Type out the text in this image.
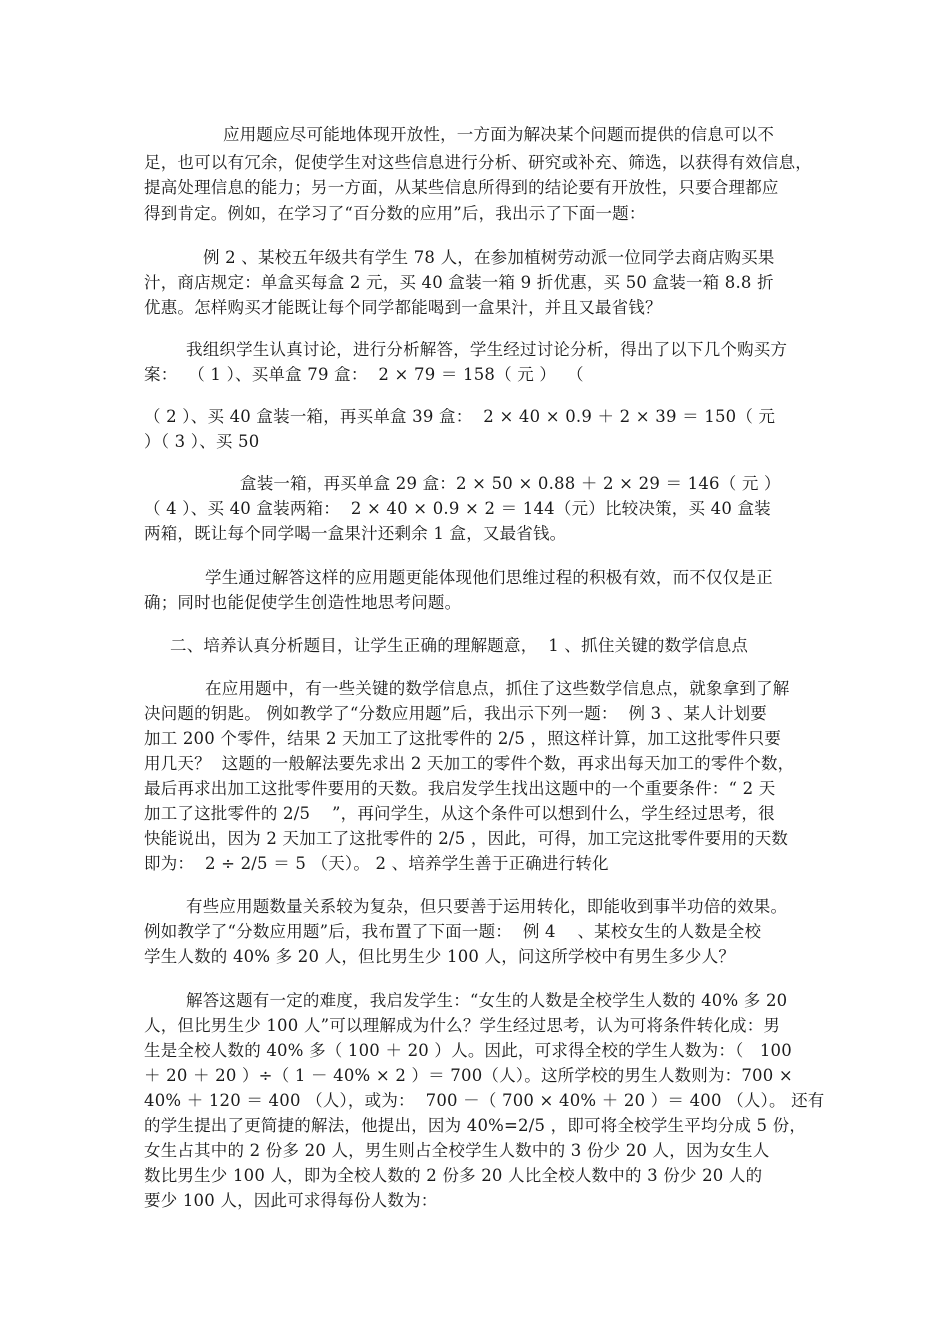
应用题应尽可能地体现开放性，一方面为解决某个问题而提供的信息可以不
足，也可以有冗余，促使学生对这些信息进行分析、研究或补充、筛选，以获得有效信息，
提高处理信息的能力；另一方面，从某些信息所得到的结论要有开放性，只要合理都应
得到肯定。例如，在学习了“百分数的应用”后，我出示了下面一题：
例 2 、某校五年级共有学生 78 人，在参加植树劳动派一位同学去商店购买果
汁，商店规定：单盒买每盒 2 元，买 40 盒装一箱 9 折优惠，买 50 盒装一箱 8.8 折
优惠。怎样购买才能既让每个同学都能喝到一盒果汁，并且又最省钱？
我组织学生认真讨论，进行分析解答，学生经过讨论分析，得出了以下几个购买方
案：  （ 1 ）、买单盒 79 盒：  2 × 79 ＝ 158（ 元 ）  （
（ 2 ）、买 40 盒装一箱，再买单盒 39 盒：  2 × 40 × 0.9 ＋ 2 × 39 ＝ 150（ 元
）（ 3 ）、买 50
盒装一箱，再买单盒 29 盒：2 × 50 × 0.88 ＋ 2 × 29 ＝ 146（ 元 ）
（ 4 ）、买 40 盒装两箱：  2 × 40 × 0.9 × 2 ＝ 144（元）比较决策，买 40 盒装
两箱，既让每个同学喝一盒果汁还剩余 1 盒，又最省钱。
学生通过解答这样的应用题更能体现他们思维过程的积极有效，而不仅仅是正
确；同时也能促使学生创造性地思考问题。
二、培养认真分析题目，让学生正确的理解题意，  1 、抓住关键的数学信息点
在应用题中，有一些关键的数学信息点，抓住了这些数学信息点，就象拿到了解
决问题的钥匙。 例如教学了“分数应用题”后，我出示下列一题：  例 3 、某人计划要
加工 200 个零件，结果 2 天加工了这批零件的 2/5 ，照这样计算，加工这批零件只要
用几天？  这题的一般解法要先求出 2 天加工的零件个数，再求出每天加工的零件个数，
最后再求出加工这批零件要用的天数。我启发学生找出这题中的一个重要条件：“ 2 天
加工了这批零件的 2/5    ”，再问学生，从这个条件可以想到什么，学生经过思考，很
快能说出，因为 2 天加工了这批零件的 2/5 ，因此，可得，加工完这批零件要用的天数
即为：  2 ÷ 2/5 ＝ 5 （天）。 2 、培养学生善于正确进行转化
有些应用题数量关系较为复杂，但只要善于运用转化，即能收到事半功倍的效果。
例如教学了“分数应用题”后，我布置了下面一题：  例 4    、某校女生的人数是全校
学生人数的 40% 多 20 人，但比男生少 100 人，问这所学校中有男生多少人？
解答这题有一定的难度，我启发学生：“女生的人数是全校学生人数的 40% 多 20
人，但比男生少 100 人”可以理解成为什么？学生经过思考，认为可将条件转化成：男
生是全校人数的 40% 多（ 100 ＋ 20 ）人。因此，可求得全校的学生人数为：（   100
＋ 20 ＋ 20 ）÷（ 1 － 40% × 2 ）＝ 700（人）。这所学校的男生人数则为：700 ×
40% ＋ 120 ＝ 400 （人），或为：  700 －（ 700 × 40% ＋ 20 ）＝ 400 （人）。 还有
的学生提出了更简捷的解法，他提出，因为 40%=2/5 ，即可将全校学生平均分成 5 份，
女生占其中的 2 份多 20 人，男生则占全校学生人数中的 3 份少 20 人，因为女生人
数比男生少 100 人，即为全校人数的 2 份多 20 人比全校人数中的 3 份少 20 人的
要少 100 人，因此可求得每份人数为：
